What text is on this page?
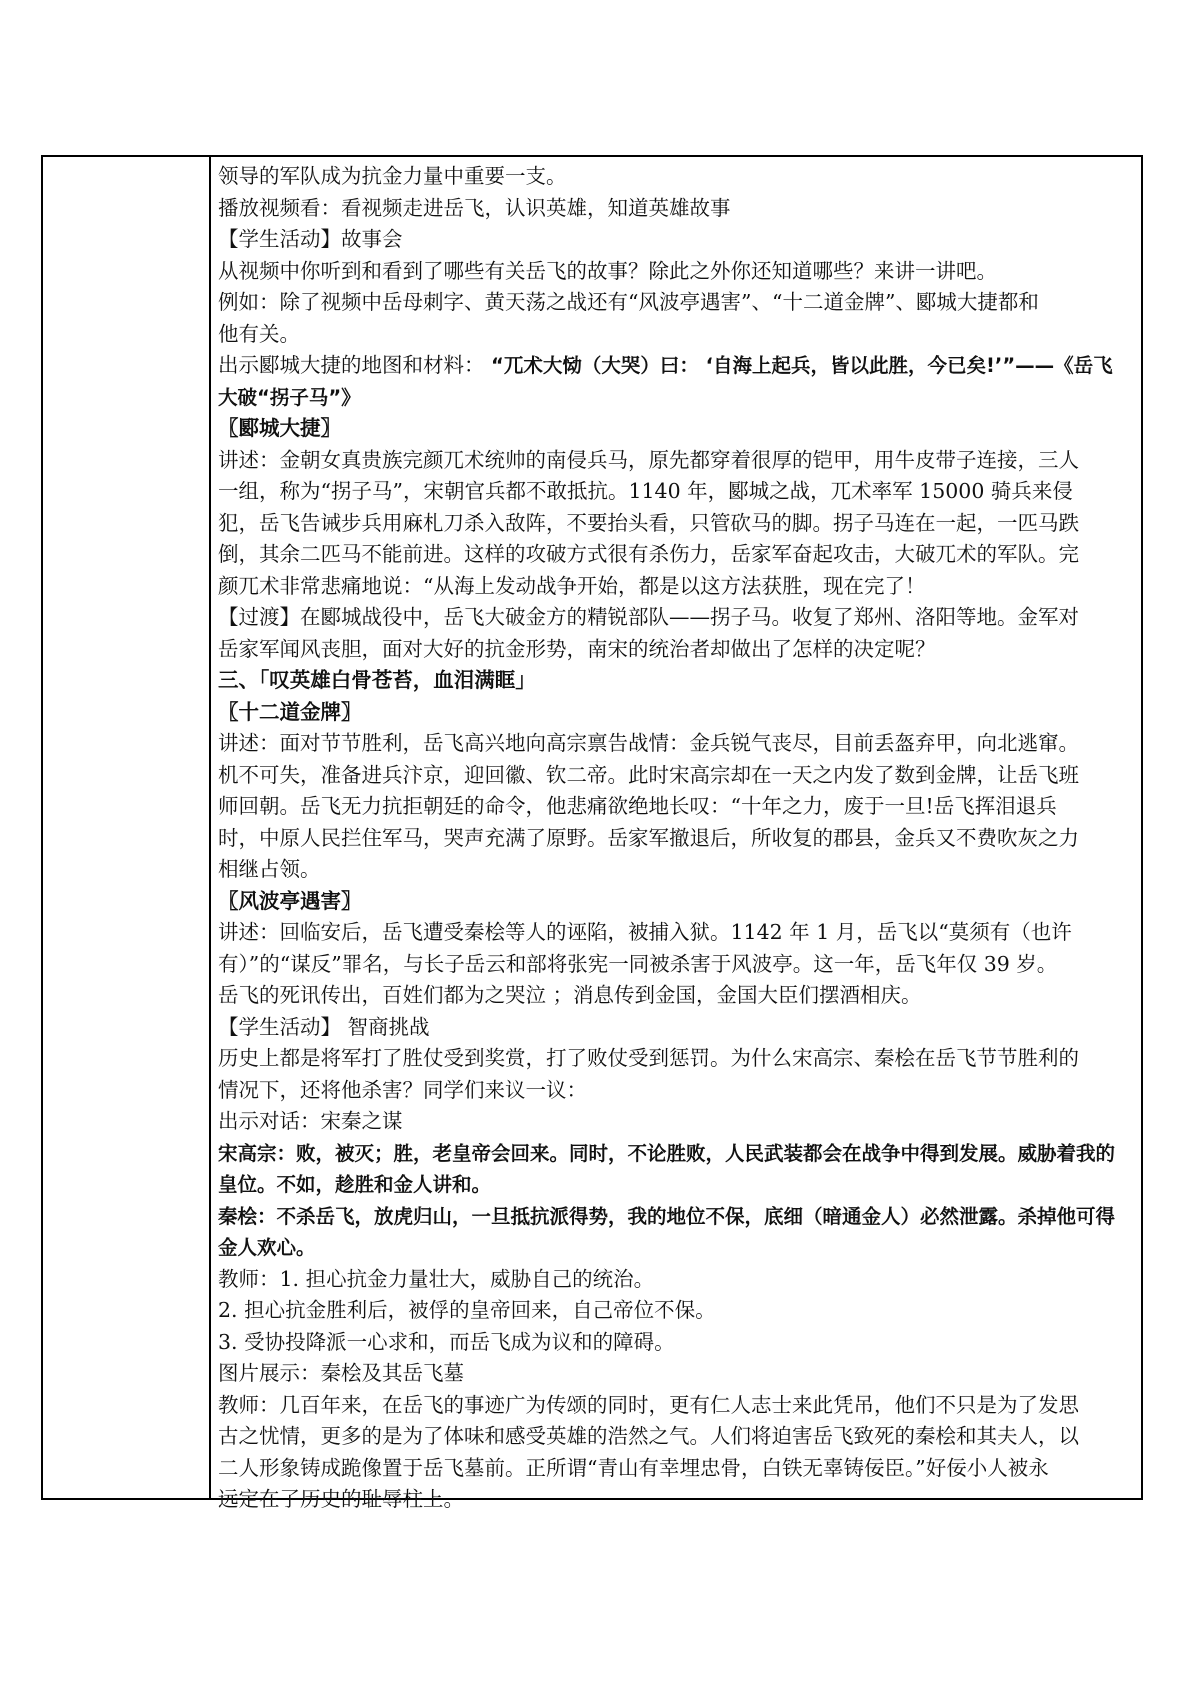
领导的军队成为抗金力量中重要一支。
播放视频看：看视频走进岳飞，认识英雄，知道英雄故事
【学生活动】故事会
从视频中你听到和看到了哪些有关岳飞的故事？除此之外你还知道哪些？来讲一讲吧。
例如：除了视频中岳母刺字、黄天荡之战还有“风波亭遇害”、“十二道金牌”、郾城大捷都和
他有关。
出示郾城大捷的地图和材料： “兀术大恸（大哭）曰： ‘自海上起兵，皆以此胜，今已矣!’”——《岳飞
大破“拐子马”》
〖郾城大捷〗
讲述：金朝女真贵族完颜兀术统帅的南侵兵马，原先都穿着很厚的铠甲，用牛皮带子连接，三人
一组，称为“拐子马”，宋朝官兵都不敢抵抗。1140 年，郾城之战，兀术率军 15000 骑兵来侵
犯，岳飞告诫步兵用麻札刀杀入敌阵，不要抬头看，只管砍马的脚。拐子马连在一起，一匹马跌
倒，其余二匹马不能前进。这样的攻破方式很有杀伤力，岳家军奋起攻击，大破兀术的军队。完
颜兀术非常悲痛地说：“从海上发动战争开始，都是以这方法获胜，现在完了！
【过渡】在郾城战役中，岳飞大破金方的精锐部队——拐子马。收复了郑州、洛阳等地。金军对
岳家军闻风丧胆，面对大好的抗金形势，南宋的统治者却做出了怎样的决定呢？
三、「叹英雄白骨苍苔，血泪满眶」
〖十二道金牌〗
讲述：面对节节胜利，岳飞高兴地向高宗禀告战情：金兵锐气丧尽，目前丢盔弃甲，向北逃窜。
机不可失，准备进兵汴京，迎回徽、钦二帝。此时宋高宗却在一天之内发了数到金牌，让岳飞班
师回朝。岳飞无力抗拒朝廷的命令，他悲痛欲绝地长叹：“十年之力，废于一旦!岳飞挥泪退兵
时，中原人民拦住军马，哭声充满了原野。岳家军撤退后，所收复的郡县，金兵又不费吹灰之力
相继占领。
〖风波亭遇害〗
讲述：回临安后，岳飞遭受秦桧等人的诬陷，被捕入狱。1142 年 1 月，岳飞以“莫须有（也许
有）”的“谋反”罪名，与长子岳云和部将张宪一同被杀害于风波亭。这一年，岳飞年仅 39 岁。
岳飞的死讯传出，百姓们都为之哭泣 ；消息传到金国，金国大臣们摆酒相庆。
【学生活动】 智商挑战
历史上都是将军打了胜仗受到奖赏，打了败仗受到惩罚。为什么宋高宗、秦桧在岳飞节节胜利的
情况下，还将他杀害？同学们来议一议：
出示对话：宋秦之谋
宋高宗：败，被灭；胜，老皇帝会回来。同时，不论胜败，人民武装都会在战争中得到发展。威胁着我的
皇位。不如，趁胜和金人讲和。
秦桧：不杀岳飞，放虎归山，一旦抵抗派得势，我的地位不保，底细（暗通金人）必然泄露。杀掉他可得
金人欢心。
教师：1. 担心抗金力量壮大，威胁自己的统治。
2. 担心抗金胜利后，被俘的皇帝回来，自己帝位不保。
3. 受协投降派一心求和，而岳飞成为议和的障碍。
图片展示：秦桧及其岳飞墓
教师：几百年来，在岳飞的事迹广为传颂的同时，更有仁人志士来此凭吊，他们不只是为了发思
古之忧情，更多的是为了体味和感受英雄的浩然之气。人们将迫害岳飞致死的秦桧和其夫人，以
二人形象铸成跪像置于岳飞墓前。正所谓“青山有幸埋忠骨，白铁无辜铸佞臣。”好佞小人被永
远定在了历史的耻辱柱上。
